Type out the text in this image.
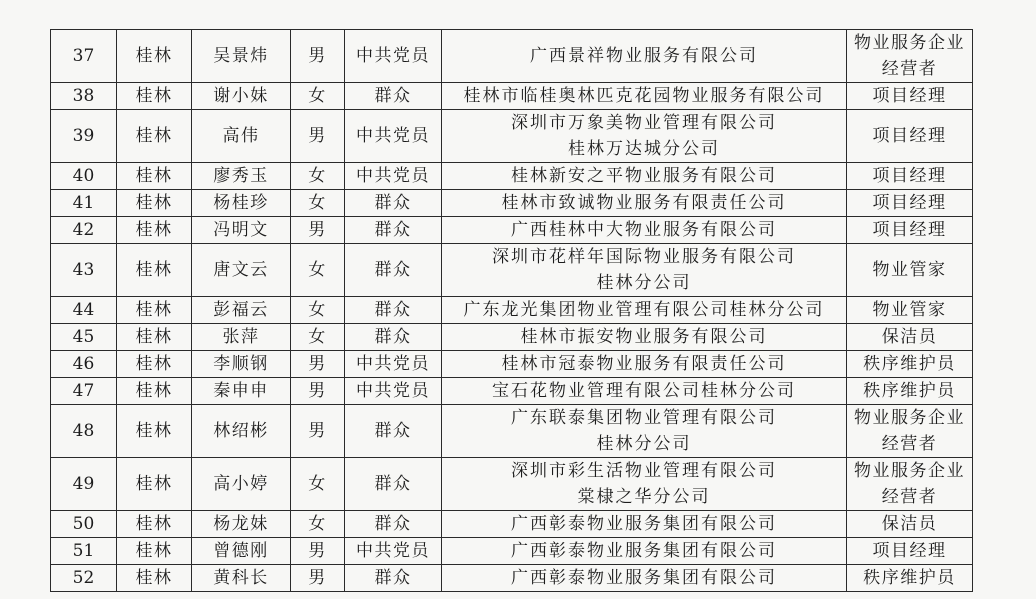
37	桂林	吴景炜	男	中共党员	广西景祥物业服务有限公司	物业服务企业
经营者

38	桂林	谢小妹	女	群众	桂林市临桂奥林匹克花园物业服务有限公司	项目经理

39	桂林	高伟	男	中共党员	深圳市万象美物业管理有限公司
桂林万达城分公司	项目经理

40	桂林	廖秀玉	女	中共党员	桂林新安之平物业服务有限公司	项目经理

41	桂林	杨桂珍	女	群众	桂林市致诚物业服务有限责任公司	项目经理

42	桂林	冯明文	男	群众	广西桂林中大物业服务有限公司	项目经理

43	桂林	唐文云	女	群众	深圳市花样年国际物业服务有限公司
桂林分公司	物业管家

44	桂林	彭福云	女	群众	广东龙光集团物业管理有限公司桂林分公司	物业管家

45	桂林	张萍	女	群众	桂林市振安物业服务有限公司	保洁员

46	桂林	李顺钢	男	中共党员	桂林市冠泰物业服务有限责任公司	秩序维护员

47	桂林	秦申申	男	中共党员	宝石花物业管理有限公司桂林分公司	秩序维护员

48	桂林	林绍彬	男	群众	广东联泰集团物业管理有限公司
桂林分公司	物业服务企业
经营者

49	桂林	高小婷	女	群众	深圳市彩生活物业管理有限公司
棠棣之华分公司	物业服务企业
经营者

50	桂林	杨龙妹	女	群众	广西彰泰物业服务集团有限公司	保洁员

51	桂林	曾德刚	男	中共党员	广西彰泰物业服务集团有限公司	项目经理

52	桂林	黄科长	男	群众	广西彰泰物业服务集团有限公司	秩序维护员
